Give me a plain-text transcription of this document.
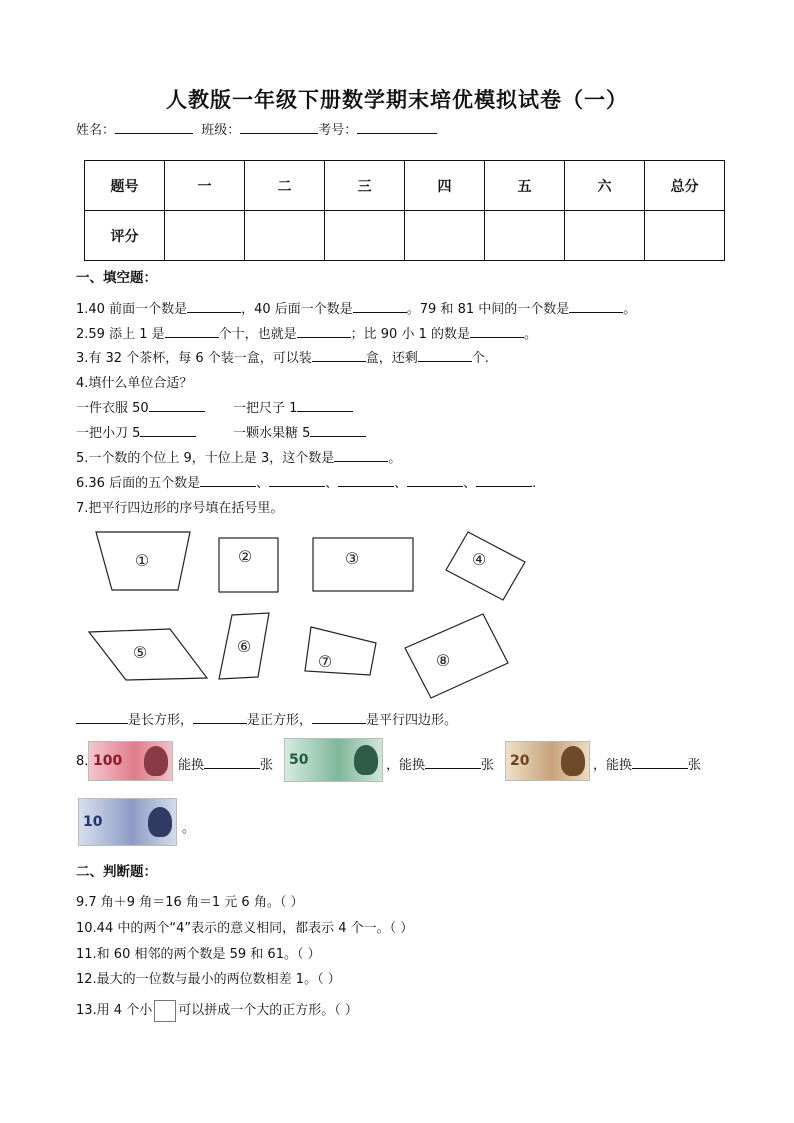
人教版一年级下册数学期末培优模拟试卷（一）
姓名：	班级：	考号：
题号	一	二	三	四	五	六	总分
评分							
一、填空题：
1.40 前面一个数是	，40 后面一个数是	。79 和 81 中间的一个数是	。
2.59 添上 1 是	个十，也就是	；比 90 小 1 的数是	。
3.有 32 个茶杯，每 6 个装一盒，可以装	盒，还剩	个.
4.填什么单位合适？
一件衣服 50	一把尺子 1
一把小刀 5	一颗水果糖 5
5.一个数的个位上 9，十位上是 3，这个数是	。
6.36 后面的五个数是	、	、	、	、	.
7.把平行四边形的序号填在括号里。
①	②	③	④
⑤	⑥
⑦	⑧
是长方形，	是正方形，	是平行四边形。
8. 100	能换	张 50	，能换	张 20	，能换	张
10	。
二、判断题：
9.7 角＋9 角＝16 角＝1 元 6 角。（ ）
10.44 中的两个“4”表示的意义相同，都表示 4 个一。（ ）
11.和 60 相邻的两个数是 59 和 61。（ ）
12.最大的一位数与最小的两位数相差 1。（ ）
13.用 4 个小 可以拼成一个大的正方形。（ ）
